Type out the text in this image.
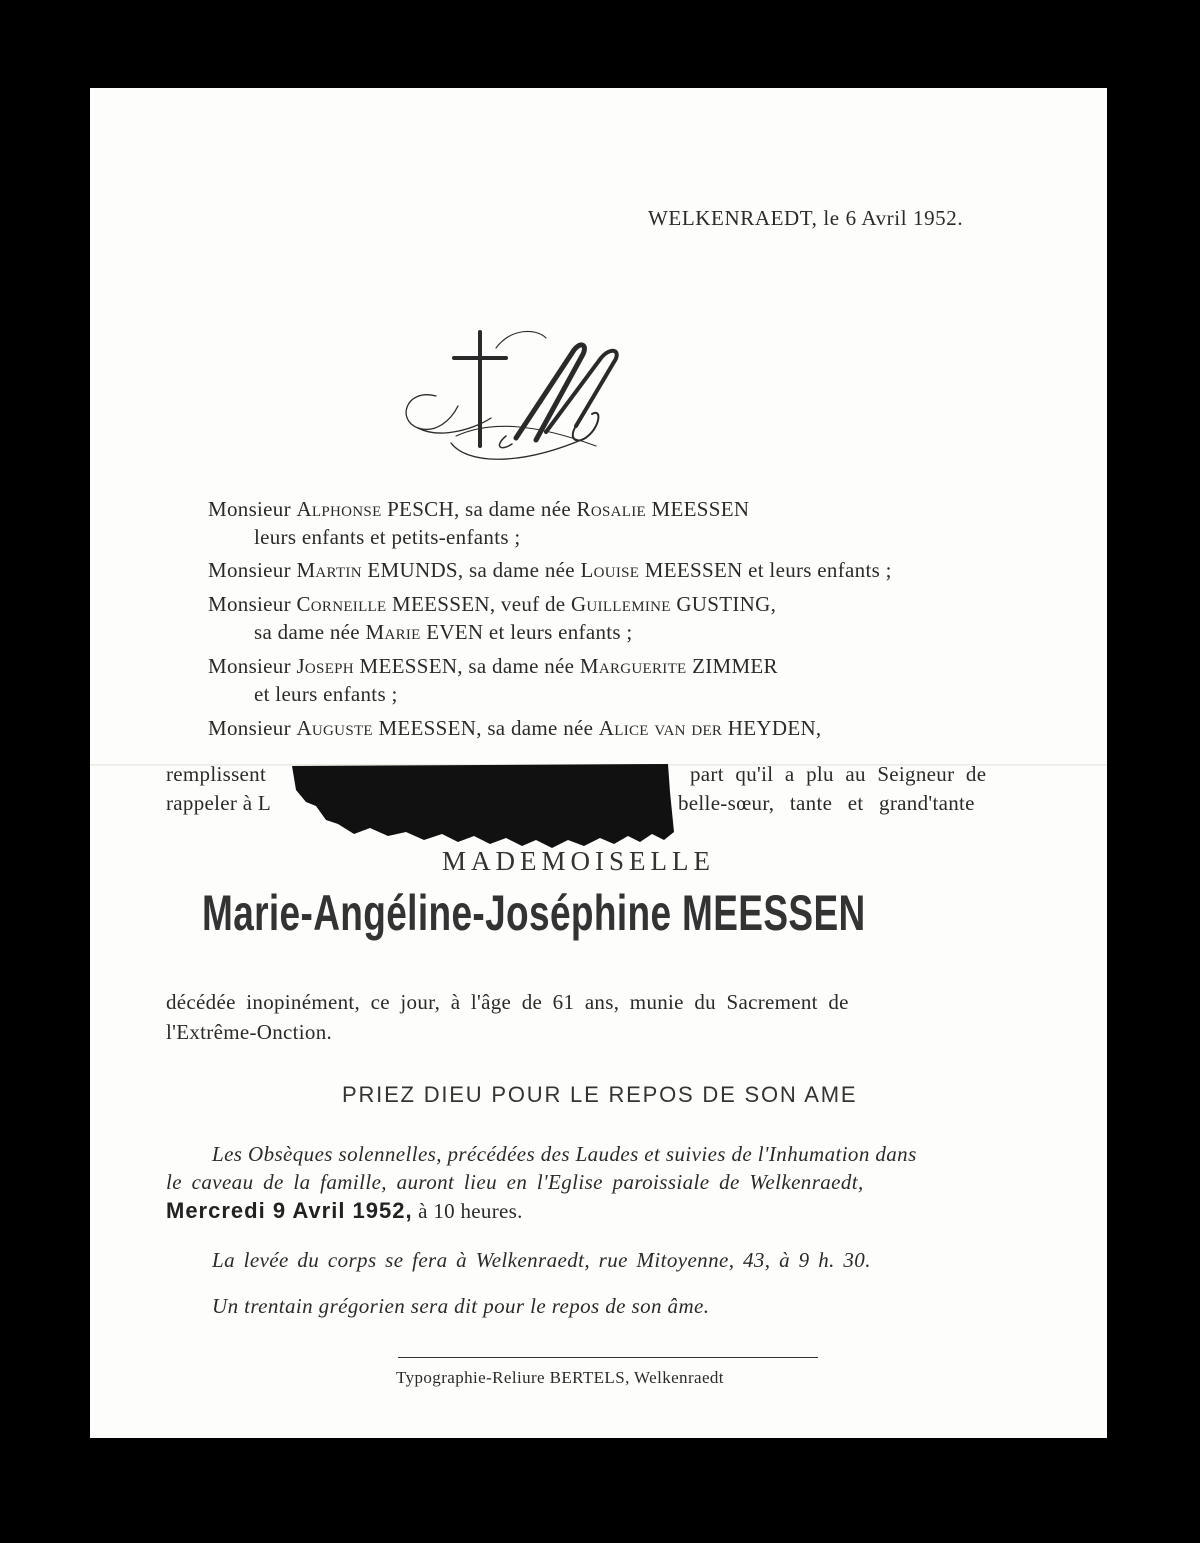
WELKENRAEDT, le 6 Avril 1952.
Monsieur Alphonse PESCH, sa dame née Rosalie MEESSEN
leurs enfants et petits-enfants ;
Monsieur Martin EMUNDS, sa dame née Louise MEESSEN et leurs enfants ;
Monsieur Corneille MEESSEN, veuf de Guillemine GUSTING,
sa dame née Marie EVEN et leurs enfants ;
Monsieur Joseph MEESSEN, sa dame née Marguerite ZIMMER
et leurs enfants ;
Monsieur Auguste MEESSEN, sa dame née Alice van der HEYDEN,
remplissent
rappeler à L
part qu'il a plu au Seigneur de
belle-sœur, tante et grand'tante
MADEMOISELLE
Marie-Angéline-Joséphine MEESSEN
décédée inopinément, ce jour, à l'âge de 61 ans, munie du Sacrement de
l'Extrême-Onction.
PRIEZ DIEU POUR LE REPOS DE SON AME
Les Obsèques solennelles, précédées des Laudes et suivies de l'Inhumation dans
le caveau de la famille, auront lieu en l'Eglise paroissiale de Welkenraedt,
Mercredi 9 Avril 1952, à 10 heures.
La levée du corps se fera à Welkenraedt, rue Mitoyenne, 43, à 9 h. 30.
Un trentain grégorien sera dit pour le repos de son âme.
Typographie-Reliure BERTELS, Welkenraedt
